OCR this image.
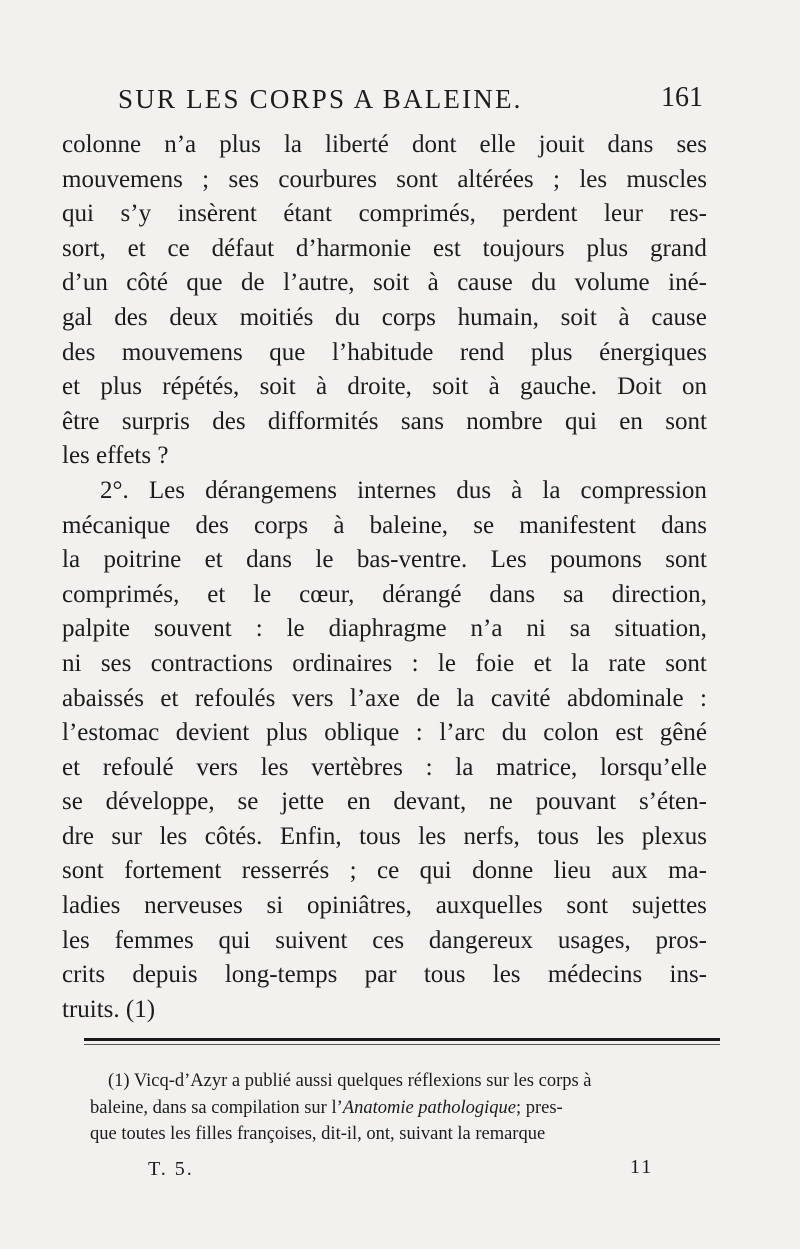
SUR LES CORPS A BALEINE.	161
colonne n’a plus la liberté dont elle jouit dans ses
mouvemens ; ses courbures sont altérées ; les muscles
qui s’y insèrent étant comprimés, perdent leur res-
sort, et ce défaut d’harmonie est toujours plus grand
d’un côté que de l’autre, soit à cause du volume iné-
gal des deux moitiés du corps humain, soit à cause
des mouvemens que l’habitude rend plus énergiques
et plus répétés, soit à droite, soit à gauche. Doit on
être surpris des difformités sans nombre qui en sont
les effets ?
2°. Les dérangemens internes dus à la compression
mécanique des corps à baleine, se manifestent dans
la poitrine et dans le bas-ventre. Les poumons sont
comprimés, et le cœur, dérangé dans sa direction,
palpite souvent : le diaphragme n’a ni sa situation,
ni ses contractions ordinaires : le foie et la rate sont
abaissés et refoulés vers l’axe de la cavité abdominale :
l’estomac devient plus oblique : l’arc du colon est gêné
et refoulé vers les vertèbres : la matrice, lorsqu’elle
se développe, se jette en devant, ne pouvant s’éten-
dre sur les côtés. Enfin, tous les nerfs, tous les plexus
sont fortement resserrés ; ce qui donne lieu aux ma-
ladies nerveuses si opiniâtres, auxquelles sont sujettes
les femmes qui suivent ces dangereux usages, pros-
crits depuis long-temps par tous les médecins ins-
truits. (1)
(1) Vicq-d’Azyr a publié aussi quelques réflexions sur les corps à
baleine, dans sa compilation sur l’Anatomie pathologique; pres-
que toutes les filles françoises, dit-il, ont, suivant la remarque
T. 5.	11
